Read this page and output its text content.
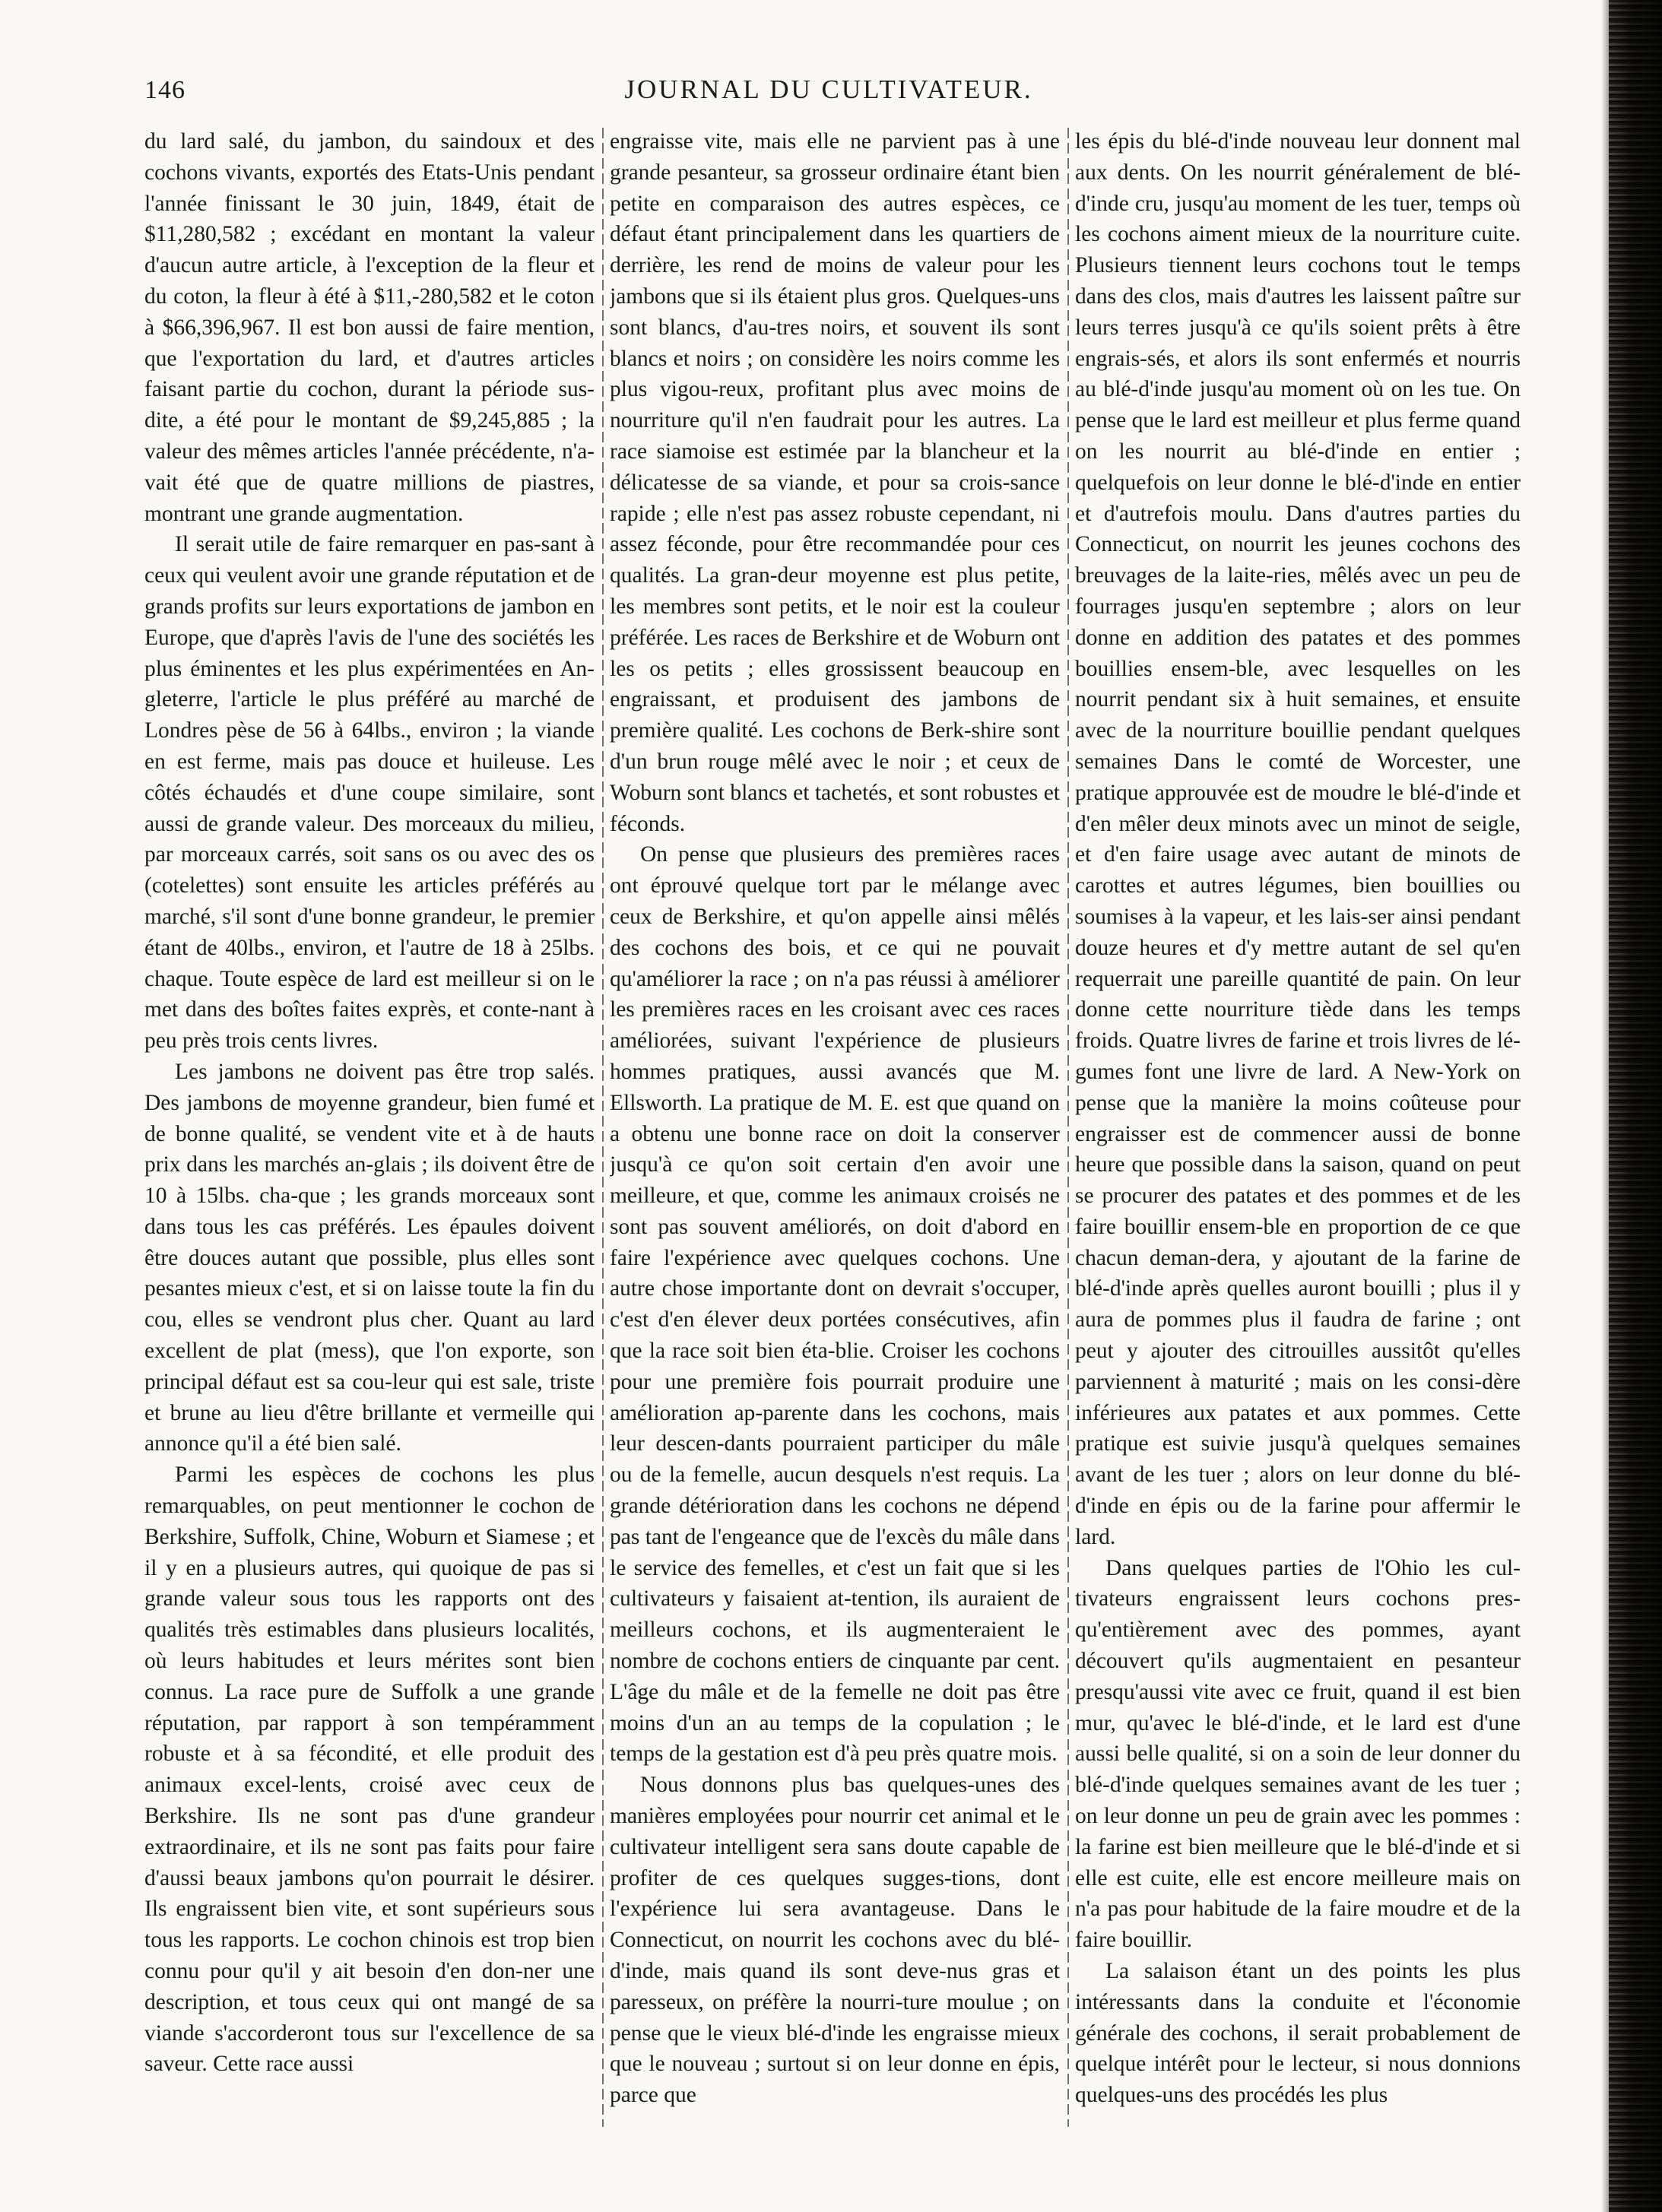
146	JOURNAL DU CULTIVATEUR.

du lard salé, du jambon, du saindoux et des cochons vivants, exportés des Etats-Unis pendant l'année finissant le 30 juin, 1849, était de $11,280,582 ; excédant en montant la valeur d'aucun autre article, à l'exception de la fleur et du coton, la fleur à été à $11,-280,582 et le coton à $66,396,967. Il est bon aussi de faire mention, que l'exportation du lard, et d'autres articles faisant partie du cochon, durant la période sus-dite, a été pour le montant de $9,245,885 ; la valeur des mêmes articles l'année précédente, n'a-vait été que de quatre millions de piastres, montrant une grande augmentation.

Il serait utile de faire remarquer en pas-sant à ceux qui veulent avoir une grande réputation et de grands profits sur leurs exportations de jambon en Europe, que d'après l'avis de l'une des sociétés les plus éminentes et les plus expérimentées en An-gleterre, l'article le plus préféré au marché de Londres pèse de 56 à 64lbs., environ ; la viande en est ferme, mais pas douce et huileuse. Les côtés échaudés et d'une coupe similaire, sont aussi de grande valeur. Des morceaux du milieu, par morceaux carrés, soit sans os ou avec des os (cotelettes) sont ensuite les articles préférés au marché, s'il sont d'une bonne grandeur, le premier étant de 40lbs., environ, et l'autre de 18 à 25lbs. chaque. Toute espèce de lard est meilleur si on le met dans des boîtes faites exprès, et conte-nant à peu près trois cents livres.

Les jambons ne doivent pas être trop salés. Des jambons de moyenne grandeur, bien fumé et de bonne qualité, se vendent vite et à de hauts prix dans les marchés an-glais ; ils doivent être de 10 à 15lbs. cha-que ; les grands morceaux sont dans tous les cas préférés. Les épaules doivent être douces autant que possible, plus elles sont pesantes mieux c'est, et si on laisse toute la fin du cou, elles se vendront plus cher. Quant au lard excellent de plat (mess), que l'on exporte, son principal défaut est sa cou-leur qui est sale, triste et brune au lieu d'être brillante et vermeille qui annonce qu'il a été bien salé.

Parmi les espèces de cochons les plus remarquables, on peut mentionner le cochon de Berkshire, Suffolk, Chine, Woburn et Siamese ; et il y en a plusieurs autres, qui quoique de pas si grande valeur sous tous les rapports ont des qualités très estimables dans plusieurs localités, où leurs habitudes et leurs mérites sont bien connus. La race pure de Suffolk a une grande réputation, par rapport à son tempéramment robuste et à sa fécondité, et elle produit des animaux excel-lents, croisé avec ceux de Berkshire. Ils ne sont pas d'une grandeur extraordinaire, et ils ne sont pas faits pour faire d'aussi beaux jambons qu'on pourrait le désirer. Ils engraissent bien vite, et sont supérieurs sous tous les rapports. Le cochon chinois est trop bien connu pour qu'il y ait besoin d'en don-ner une description, et tous ceux qui ont mangé de sa viande s'accorderont tous sur l'excellence de sa saveur. Cette race aussi

engraisse vite, mais elle ne parvient pas à une grande pesanteur, sa grosseur ordinaire étant bien petite en comparaison des autres espèces, ce défaut étant principalement dans les quartiers de derrière, les rend de moins de valeur pour les jambons que si ils étaient plus gros. Quelques-uns sont blancs, d'au-tres noirs, et souvent ils sont blancs et noirs ; on considère les noirs comme les plus vigou-reux, profitant plus avec moins de nourriture qu'il n'en faudrait pour les autres. La race siamoise est estimée par la blancheur et la délicatesse de sa viande, et pour sa crois-sance rapide ; elle n'est pas assez robuste cependant, ni assez féconde, pour être recommandée pour ces qualités. La gran-deur moyenne est plus petite, les membres sont petits, et le noir est la couleur préférée. Les races de Berkshire et de Woburn ont les os petits ; elles grossissent beaucoup en engraissant, et produisent des jambons de première qualité. Les cochons de Berk-shire sont d'un brun rouge mêlé avec le noir ; et ceux de Woburn sont blancs et tachetés, et sont robustes et féconds.

On pense que plusieurs des premières races ont éprouvé quelque tort par le mélange avec ceux de Berkshire, et qu'on appelle ainsi mêlés des cochons des bois, et ce qui ne pouvait qu'améliorer la race ; on n'a pas réussi à améliorer les premières races en les croisant avec ces races améliorées, suivant l'expérience de plusieurs hommes pratiques, aussi avancés que M. Ellsworth. La pratique de M. E. est que quand on a obtenu une bonne race on doit la conserver jusqu'à ce qu'on soit certain d'en avoir une meilleure, et que, comme les animaux croisés ne sont pas souvent améliorés, on doit d'abord en faire l'expérience avec quelques cochons. Une autre chose importante dont on devrait s'occuper, c'est d'en élever deux portées consécutives, afin que la race soit bien éta-blie. Croiser les cochons pour une première fois pourrait produire une amélioration ap-parente dans les cochons, mais leur descen-dants pourraient participer du mâle ou de la femelle, aucun desquels n'est requis. La grande détérioration dans les cochons ne dépend pas tant de l'engeance que de l'excès du mâle dans le service des femelles, et c'est un fait que si les cultivateurs y faisaient at-tention, ils auraient de meilleurs cochons, et ils augmenteraient le nombre de cochons entiers de cinquante par cent. L'âge du mâle et de la femelle ne doit pas être moins d'un an au temps de la copulation ; le temps de la gestation est d'à peu près quatre mois.

Nous donnons plus bas quelques-unes des manières employées pour nourrir cet animal et le cultivateur intelligent sera sans doute capable de profiter de ces quelques sugges-tions, dont l'expérience lui sera avantageuse. Dans le Connecticut, on nourrit les cochons avec du blé-d'inde, mais quand ils sont deve-nus gras et paresseux, on préfère la nourri-ture moulue ; on pense que le vieux blé-d'inde les engraisse mieux que le nouveau ; surtout si on leur donne en épis, parce que

les épis du blé-d'inde nouveau leur donnent mal aux dents. On les nourrit généralement de blé-d'inde cru, jusqu'au moment de les tuer, temps où les cochons aiment mieux de la nourriture cuite. Plusieurs tiennent leurs cochons tout le temps dans des clos, mais d'autres les laissent paître sur leurs terres jusqu'à ce qu'ils soient prêts à être engrais-sés, et alors ils sont enfermés et nourris au blé-d'inde jusqu'au moment où on les tue. On pense que le lard est meilleur et plus ferme quand on les nourrit au blé-d'inde en entier ; quelquefois on leur donne le blé-d'inde en entier et d'autrefois moulu. Dans d'autres parties du Connecticut, on nourrit les jeunes cochons des breuvages de la laite-ries, mêlés avec un peu de fourrages jusqu'en septembre ; alors on leur donne en addition des patates et des pommes bouillies ensem-ble, avec lesquelles on les nourrit pendant six à huit semaines, et ensuite avec de la nourriture bouillie pendant quelques semaines Dans le comté de Worcester, une pratique approuvée est de moudre le blé-d'inde et d'en mêler deux minots avec un minot de seigle, et d'en faire usage avec autant de minots de carottes et autres légumes, bien bouillies ou soumises à la vapeur, et les lais-ser ainsi pendant douze heures et d'y mettre autant de sel qu'en requerrait une pareille quantité de pain. On leur donne cette nourriture tiède dans les temps froids. Quatre livres de farine et trois livres de lé-gumes font une livre de lard. A New-York on pense que la manière la moins coûteuse pour engraisser est de commencer aussi de bonne heure que possible dans la saison, quand on peut se procurer des patates et des pommes et de les faire bouillir ensem-ble en proportion de ce que chacun deman-dera, y ajoutant de la farine de blé-d'inde après quelles auront bouilli ; plus il y aura de pommes plus il faudra de farine ; ont peut y ajouter des citrouilles aussitôt qu'elles parviennent à maturité ; mais on les consi-dère inférieures aux patates et aux pommes. Cette pratique est suivie jusqu'à quelques semaines avant de les tuer ; alors on leur donne du blé-d'inde en épis ou de la farine pour affermir le lard.

Dans quelques parties de l'Ohio les cul-tivateurs engraissent leurs cochons pres-qu'entièrement avec des pommes, ayant découvert qu'ils augmentaient en pesanteur presqu'aussi vite avec ce fruit, quand il est bien mur, qu'avec le blé-d'inde, et le lard est d'une aussi belle qualité, si on a soin de leur donner du blé-d'inde quelques semaines avant de les tuer ; on leur donne un peu de grain avec les pommes : la farine est bien meilleure que le blé-d'inde et si elle est cuite, elle est encore meilleure mais on n'a pas pour habitude de la faire moudre et de la faire bouillir.

La salaison étant un des points les plus intéressants dans la conduite et l'économie générale des cochons, il serait probablement de quelque intérêt pour le lecteur, si nous donnions quelques-uns des procédés les plus
